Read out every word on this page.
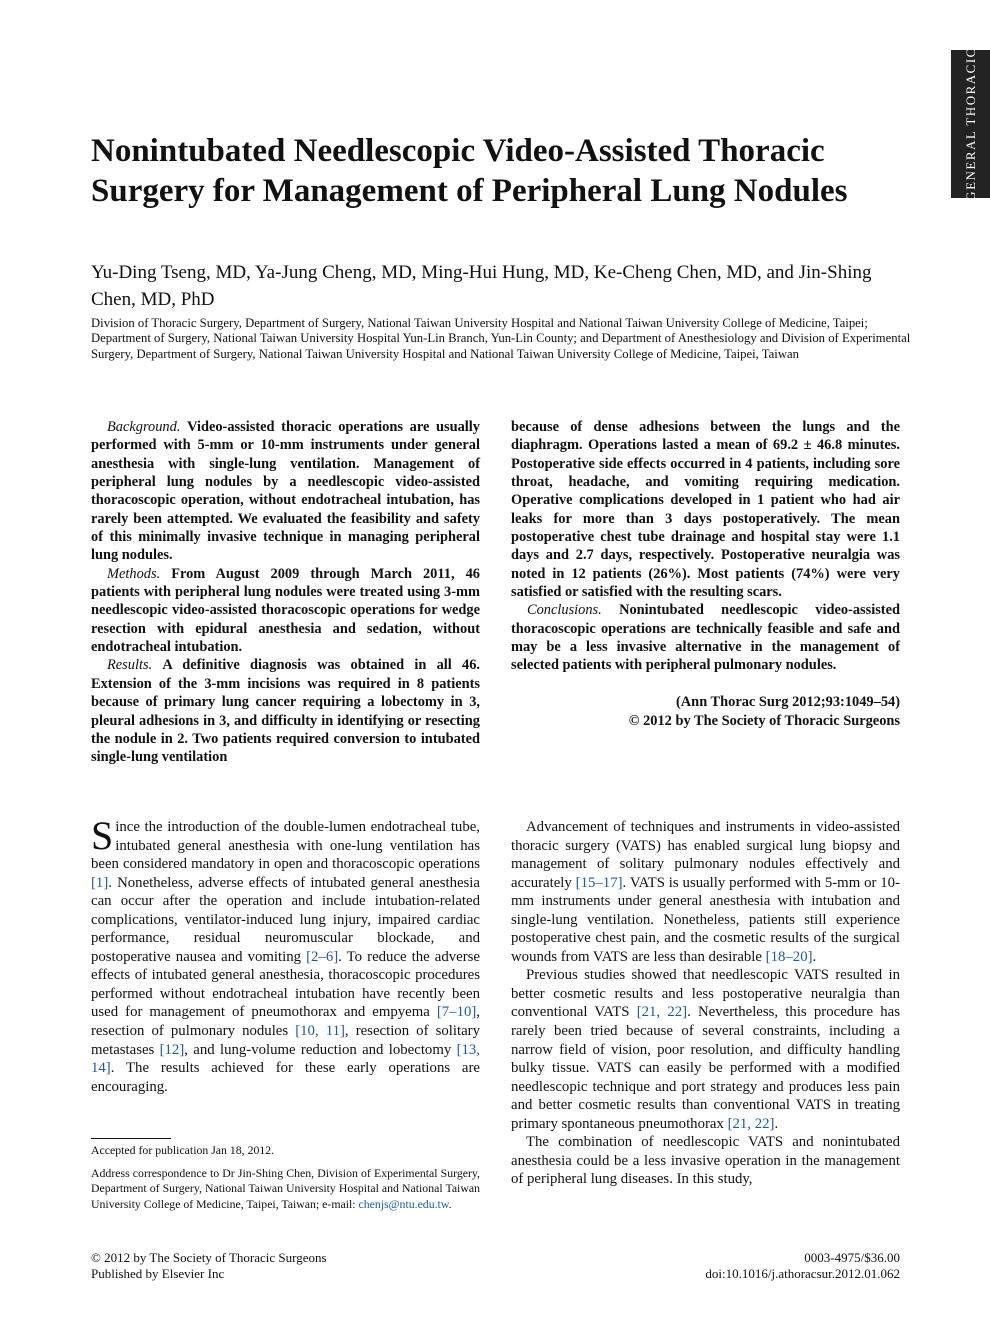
GENERAL THORACIC
Nonintubated Needlescopic Video-Assisted Thoracic Surgery for Management of Peripheral Lung Nodules
Yu-Ding Tseng, MD, Ya-Jung Cheng, MD, Ming-Hui Hung, MD, Ke-Cheng Chen, MD, and Jin-Shing Chen, MD, PhD
Division of Thoracic Surgery, Department of Surgery, National Taiwan University Hospital and National Taiwan University College of Medicine, Taipei; Department of Surgery, National Taiwan University Hospital Yun-Lin Branch, Yun-Lin County; and Department of Anesthesiology and Division of Experimental Surgery, Department of Surgery, National Taiwan University Hospital and National Taiwan University College of Medicine, Taipei, Taiwan

Background. Video-assisted thoracic operations are usually performed with 5-mm or 10-mm instruments under general anesthesia with single-lung ventilation. Management of peripheral lung nodules by a needlescopic video-assisted thoracoscopic operation, without endotracheal intubation, has rarely been attempted. We evaluated the feasibility and safety of this minimally invasive technique in managing peripheral lung nodules.

Methods. From August 2009 through March 2011, 46 patients with peripheral lung nodules were treated using 3-mm needlescopic video-assisted thoracoscopic operations for wedge resection with epidural anesthesia and sedation, without endotracheal intubation.

Results. A definitive diagnosis was obtained in all 46. Extension of the 3-mm incisions was required in 8 patients because of primary lung cancer requiring a lobectomy in 3, pleural adhesions in 3, and difficulty in identifying or resecting the nodule in 2. Two patients required conversion to intubated single-lung ventilation

because of dense adhesions between the lungs and the diaphragm. Operations lasted a mean of 69.2 ± 46.8 minutes. Postoperative side effects occurred in 4 patients, including sore throat, headache, and vomiting requiring medication. Operative complications developed in 1 patient who had air leaks for more than 3 days postoperatively. The mean postoperative chest tube drainage and hospital stay were 1.1 days and 2.7 days, respectively. Postoperative neuralgia was noted in 12 patients (26%). Most patients (74%) were very satisfied or satisfied with the resulting scars.

Conclusions. Nonintubated needlescopic video-assisted thoracoscopic operations are technically feasible and safe and may be a less invasive alternative in the management of selected patients with peripheral pulmonary nodules.

(Ann Thorac Surg 2012;93:1049–54)
© 2012 by The Society of Thoracic Surgeons

Since the introduction of the double-lumen endotracheal tube, intubated general anesthesia with one-lung ventilation has been considered mandatory in open and thoracoscopic operations [1]. Nonetheless, adverse effects of intubated general anesthesia can occur after the operation and include intubation-related complications, ventilator-induced lung injury, impaired cardiac performance, residual neuromuscular blockade, and postoperative nausea and vomiting [2–6]. To reduce the adverse effects of intubated general anesthesia, thoracoscopic procedures performed without endotracheal intubation have recently been used for management of pneumothorax and empyema [7–10], resection of pulmonary nodules [10, 11], resection of solitary metastases [12], and lung-volume reduction and lobectomy [13, 14]. The results achieved for these early operations are encouraging.

Advancement of techniques and instruments in video-assisted thoracic surgery (VATS) has enabled surgical lung biopsy and management of solitary pulmonary nodules effectively and accurately [15–17]. VATS is usually performed with 5-mm or 10-mm instruments under general anesthesia with intubation and single-lung ventilation. Nonetheless, patients still experience postoperative chest pain, and the cosmetic results of the surgical wounds from VATS are less than desirable [18–20].

Previous studies showed that needlescopic VATS resulted in better cosmetic results and less postoperative neuralgia than conventional VATS [21, 22]. Nevertheless, this procedure has rarely been tried because of several constraints, including a narrow field of vision, poor resolution, and difficulty handling bulky tissue. VATS can easily be performed with a modified needlescopic technique and port strategy and produces less pain and better cosmetic results than conventional VATS in treating primary spontaneous pneumothorax [21, 22].

The combination of needlescopic VATS and nonintubated anesthesia could be a less invasive operation in the management of peripheral lung diseases. In this study,

Accepted for publication Jan 18, 2012.
Address correspondence to Dr Jin-Shing Chen, Division of Experimental Surgery, Department of Surgery, National Taiwan University Hospital and National Taiwan University College of Medicine, Taipei, Taiwan; e-mail: chenjs@ntu.edu.tw.
© 2012 by The Society of Thoracic Surgeons
Published by Elsevier Inc
0003-4975/$36.00
doi:10.1016/j.athoracsur.2012.01.062
